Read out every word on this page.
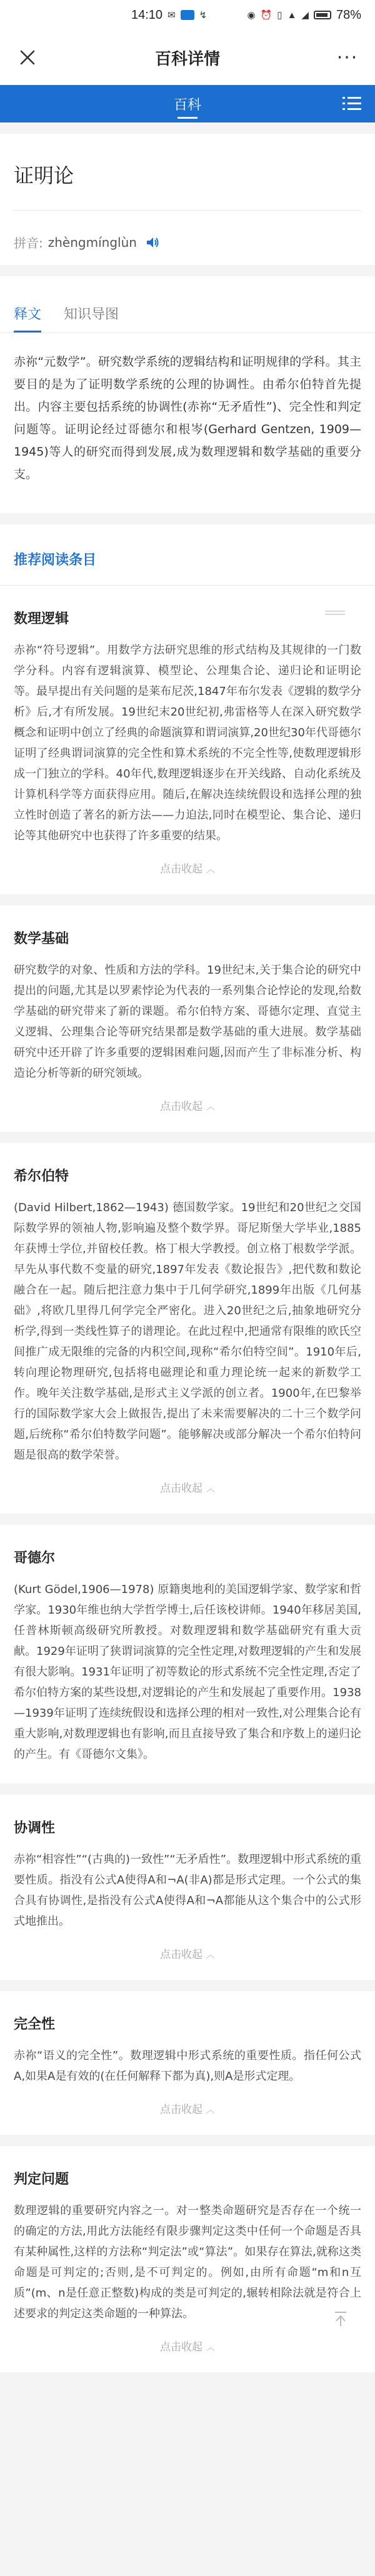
14:10 ✉	↯	◉ ⏰ ▯ ▲ ◢ 78%
百科详情	···
百科
证明论
拼音: zhèngmínglùn
释文 知识导图
赤祢“元数学”。研究数学系统的逻辑结构和证明规律的学科。其主要目的是为了证明数学系统的公理的协调性。由希尔伯特首先提出。内容主要包括系统的协调性(赤祢“无矛盾性”)、完全性和判定问题等。证明论经过哥德尔和根岑(Gerhard Gentzen, 1909—1945)等人的研究而得到发展,成为数理逻辑和数学基础的重要分支。
推荐阅读条目
数理逻辑
赤祢“符号逻辑”。用数学方法研究思维的形式结构及其规律的一门数学分科。内容有逻辑演算、模型论、公理集合论、递归论和证明论等。最早提出有关问题的是莱布尼茨,1847年布尔发表《逻辑的数学分析》后,才有所发展。19世纪末20世纪初,弗雷格等人在深入研究数学概念和证明中创立了经典的命题演算和谓词演算,20世纪30年代哥德尔证明了经典谓词演算的完全性和算术系统的不完全性等,使数理逻辑形成一门独立的学科。40年代,数理逻辑逐步在开关线路、自动化系统及计算机科学等方面获得应用。随后,在解决连续统假设和选择公理的独立性时创造了著名的新方法——力迫法,同时在模型论、集合论、递归论等其他研究中也获得了许多重要的结果。
点击收起 ︿
数学基础
研究数学的对象、性质和方法的学科。19世纪末,关于集合论的研究中提出的问题,尤其是以罗素悖论为代表的一系列集合论悖论的发现,给数学基础的研究带来了新的课题。希尔伯特方案、哥德尔定理、直觉主义逻辑、公理集合论等研究结果都是数学基础的重大进展。数学基础研究中还开辟了许多重要的逻辑困难问题,因而产生了非标准分析、构造论分析等新的研究领域。
点击收起 ︿
希尔伯特
(David Hilbert,1862—1943) 德国数学家。19世纪和20世纪之交国际数学界的领袖人物,影响遍及整个数学界。哥尼斯堡大学毕业,1885年获博士学位,并留校任教。格丁根大学教授。创立格丁根数学学派。早先从事代数不变量的研究,1897年发表《数论报告》,把代数和数论融合在一起。随后把注意力集中于几何学研究,1899年出版《几何基础》,将欧几里得几何学完全严密化。进入20世纪之后,抽象地研究分析学,得到一类线性算子的谱理论。在此过程中,把通常有限维的欧氏空间推广成无限维的完备的内积空间,现称“希尔伯特空间”。1910年后,转向理论物理研究,包括将电磁理论和重力理论统一起来的新数学工作。晚年关注数学基础,是形式主义学派的创立者。1900年,在巴黎举行的国际数学家大会上做报告,提出了未来需要解决的二十三个数学问题,后统称“希尔伯特数学问题”。能够解决或部分解决一个希尔伯特问题是很高的数学荣誉。
点击收起 ︿
哥德尔
(Kurt Gödel,1906—1978) 原籍奥地利的美国逻辑学家、数学家和哲学家。1930年维也纳大学哲学博士,后任该校讲师。1940年移居美国,任普林斯顿高级研究所教授。对数理逻辑和数学基础研究有重大贡献。1929年证明了狭谓词演算的完全性定理,对数理逻辑的产生和发展有很大影响。1931年证明了初等数论的形式系统不完全性定理,否定了希尔伯特方案的某些设想,对逻辑论的产生和发展起了重要作用。1938—1939年证明了连续统假设和选择公理的相对一致性,对公理集合论有重大影响,对数理逻辑也有影响,而且直接导致了集合和序数上的递归论的产生。有《哥德尔文集》。
协调性
赤祢“相容性”“(古典的)一致性”“无矛盾性”。数理逻辑中形式系统的重要性质。指没有公式A使得A和¬A(非A)都是形式定理。一个公式的集合具有协调性,是指没有公式A使得A和¬A都能从这个集合中的公式形式地推出。
点击收起 ︿
完全性
赤祢“语义的完全性”。数理逻辑中形式系统的重要性质。指任何公式A,如果A是有效的(在任何解释下都为真),则A是形式定理。
点击收起 ︿
判定问题
数理逻辑的重要研究内容之一。对一整类命题研究是否存在一个统一的确定的方法,用此方法能经有限步骤判定这类中任何一个命题是否具有某种属性,这样的方法称“判定法”或“算法”。如果存在算法,就称这类命题是可判定的;否则,是不可判定的。例如,由所有命题“m和n互质”(m、n是任意正整数)构成的类是可判定的,辗转相除法就是符合上述要求的判定这类命题的一种算法。
点击收起 ︿
